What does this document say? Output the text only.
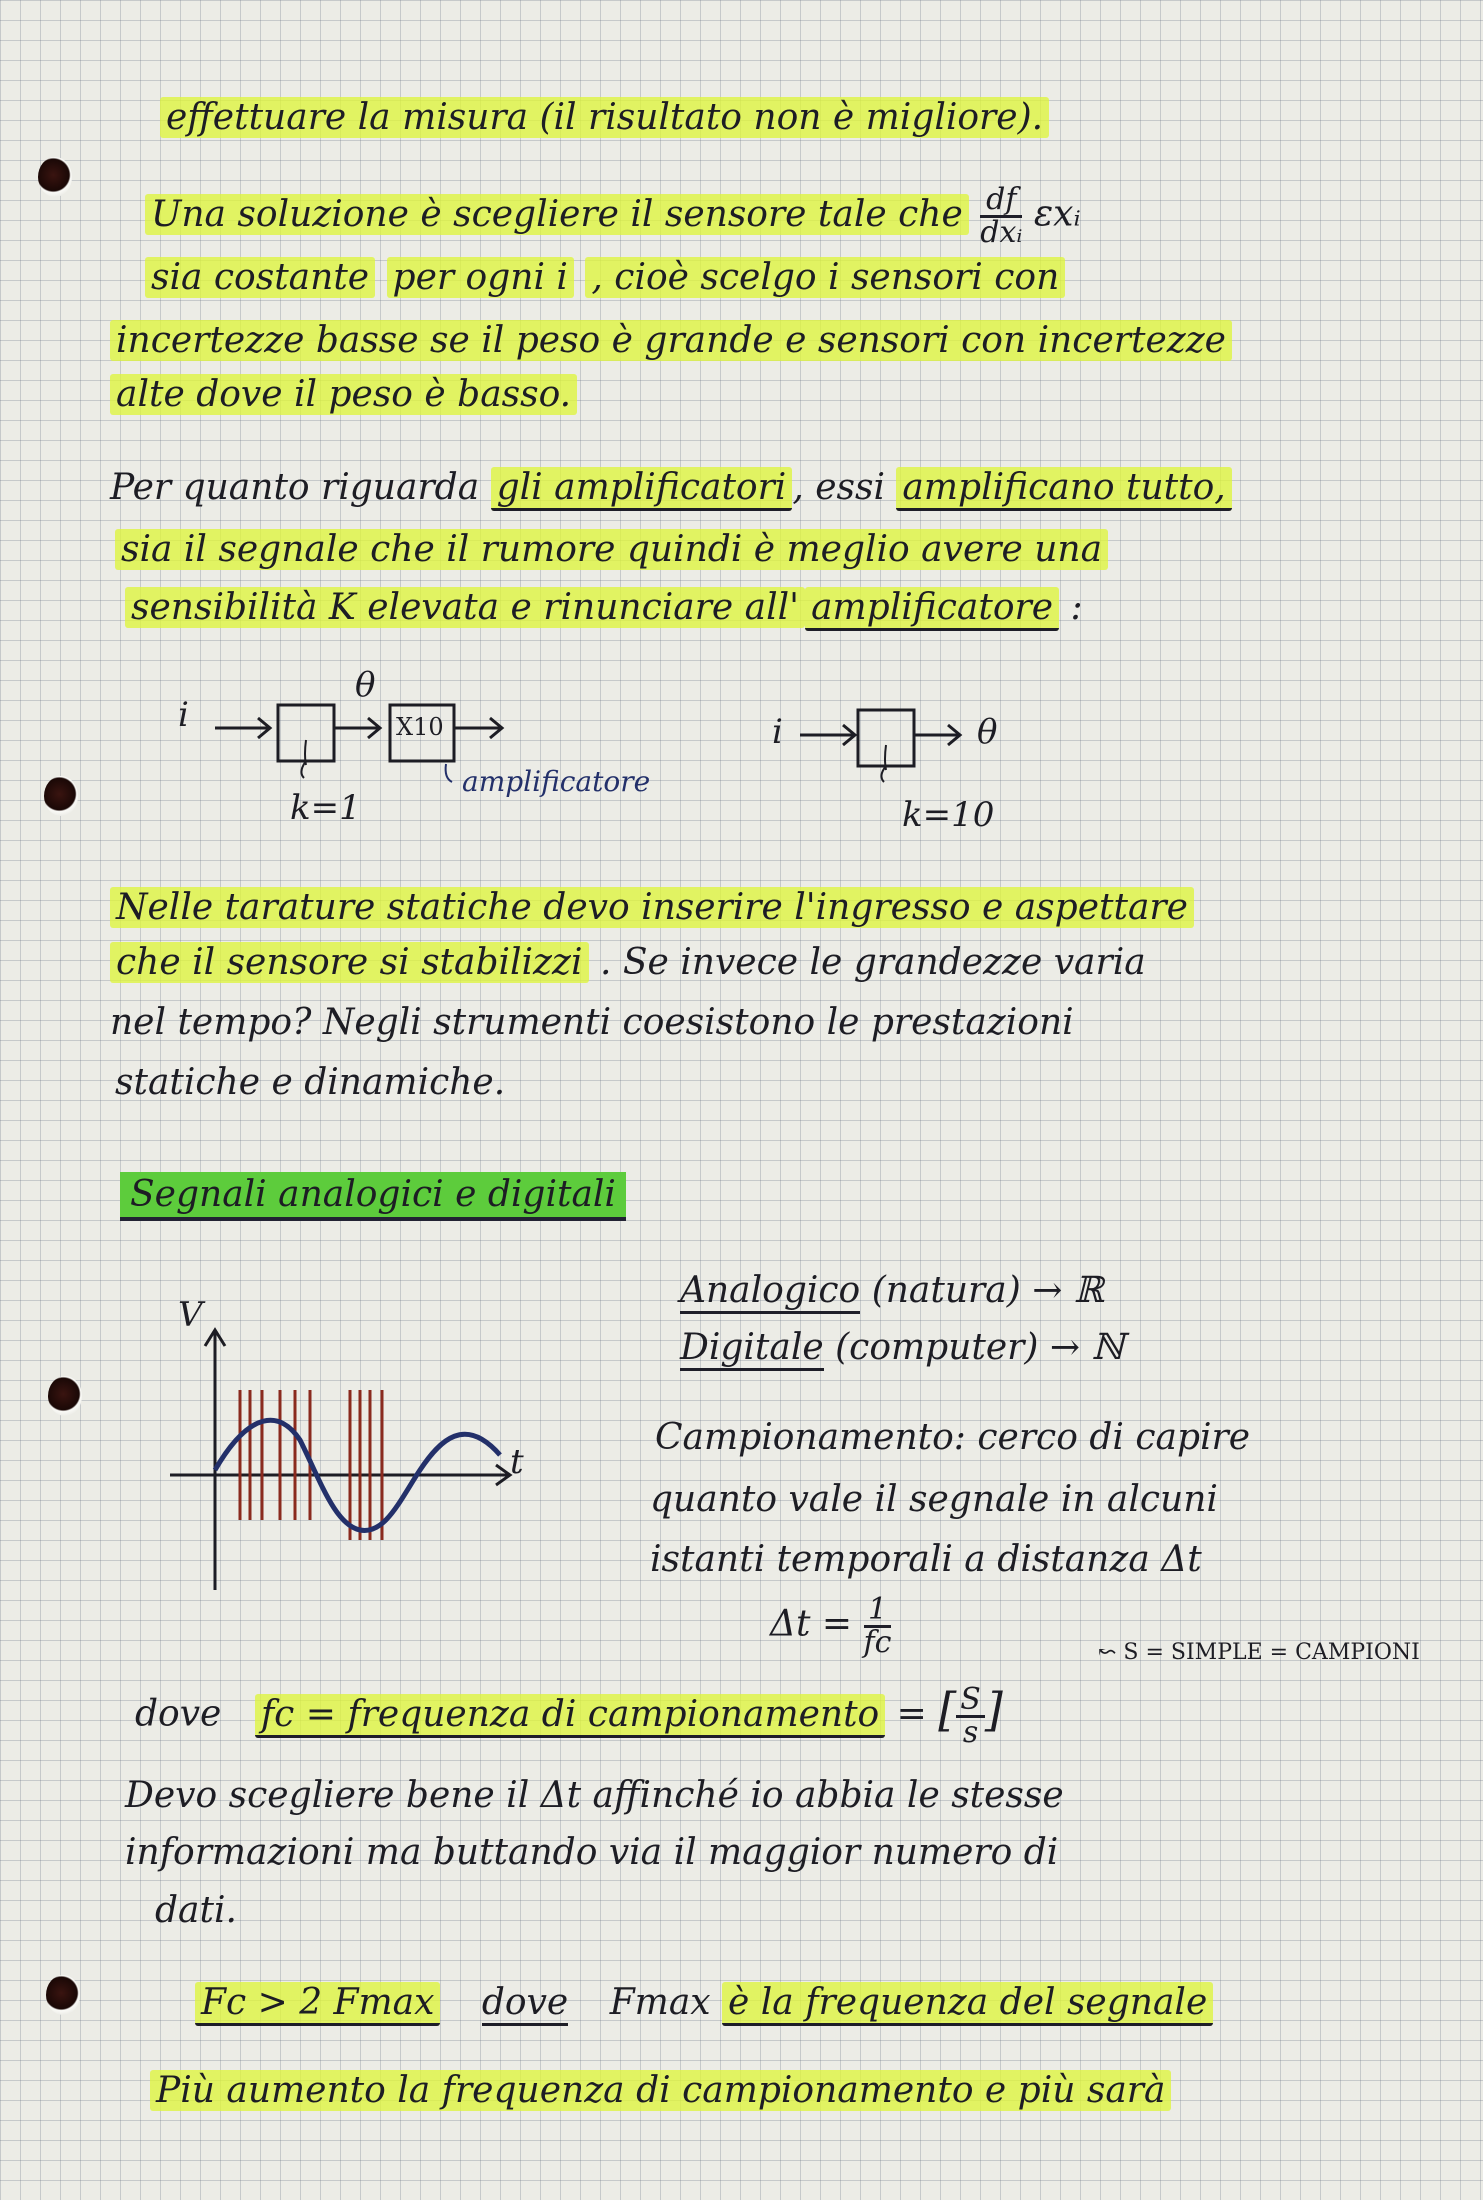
effettuare la misura (il risultato non è migliore).
Una soluzione è scegliere il sensore tale che $\frac{df}{\text{dxᵢ}}$ εxᵢ
sia costante per ogni i , cioè scelgo i sensori con
incertezze basse se il peso è grande e sensori con incertezze
alte dove il peso è basso.
Per quanto riguarda gli amplificatori , essi amplificano tutto,
sia il segnale che il rumore quindi è meglio avere una
sensibilità K elevata e rinunciare all' amplificatore :
i
θ
X10
k=1
amplificatore
i	θ
k=10
Nelle tarature statiche devo inserire l'ingresso e aspettare
che il sensore si stabilizzi . Se invece le grandezze varia
nel tempo? Negli strumenti coesistono le prestazioni
statiche e dinamiche.
Segnali analogici e digitali
V
t
Analogico (natura) → ℝ
Digitale (computer) → ℕ
Campionamento: cerco di capire
quanto vale il segnale in alcuni
istanti temporali a distanza Δt
$\Delta t = \frac{1}{fc}$	↜ S = SIMPLE = CAMPIONI
dove fc = frequenza di campionamento = [ $\frac{S}{s}$ ]
Devo scegliere bene il Δt affinché io abbia le stesse
informazioni ma buttando via il maggior numero di
dati.
Fc > 2 Fmax dove Fmax è la frequenza del segnale
Più aumento la frequenza di campionamento e più sarà
